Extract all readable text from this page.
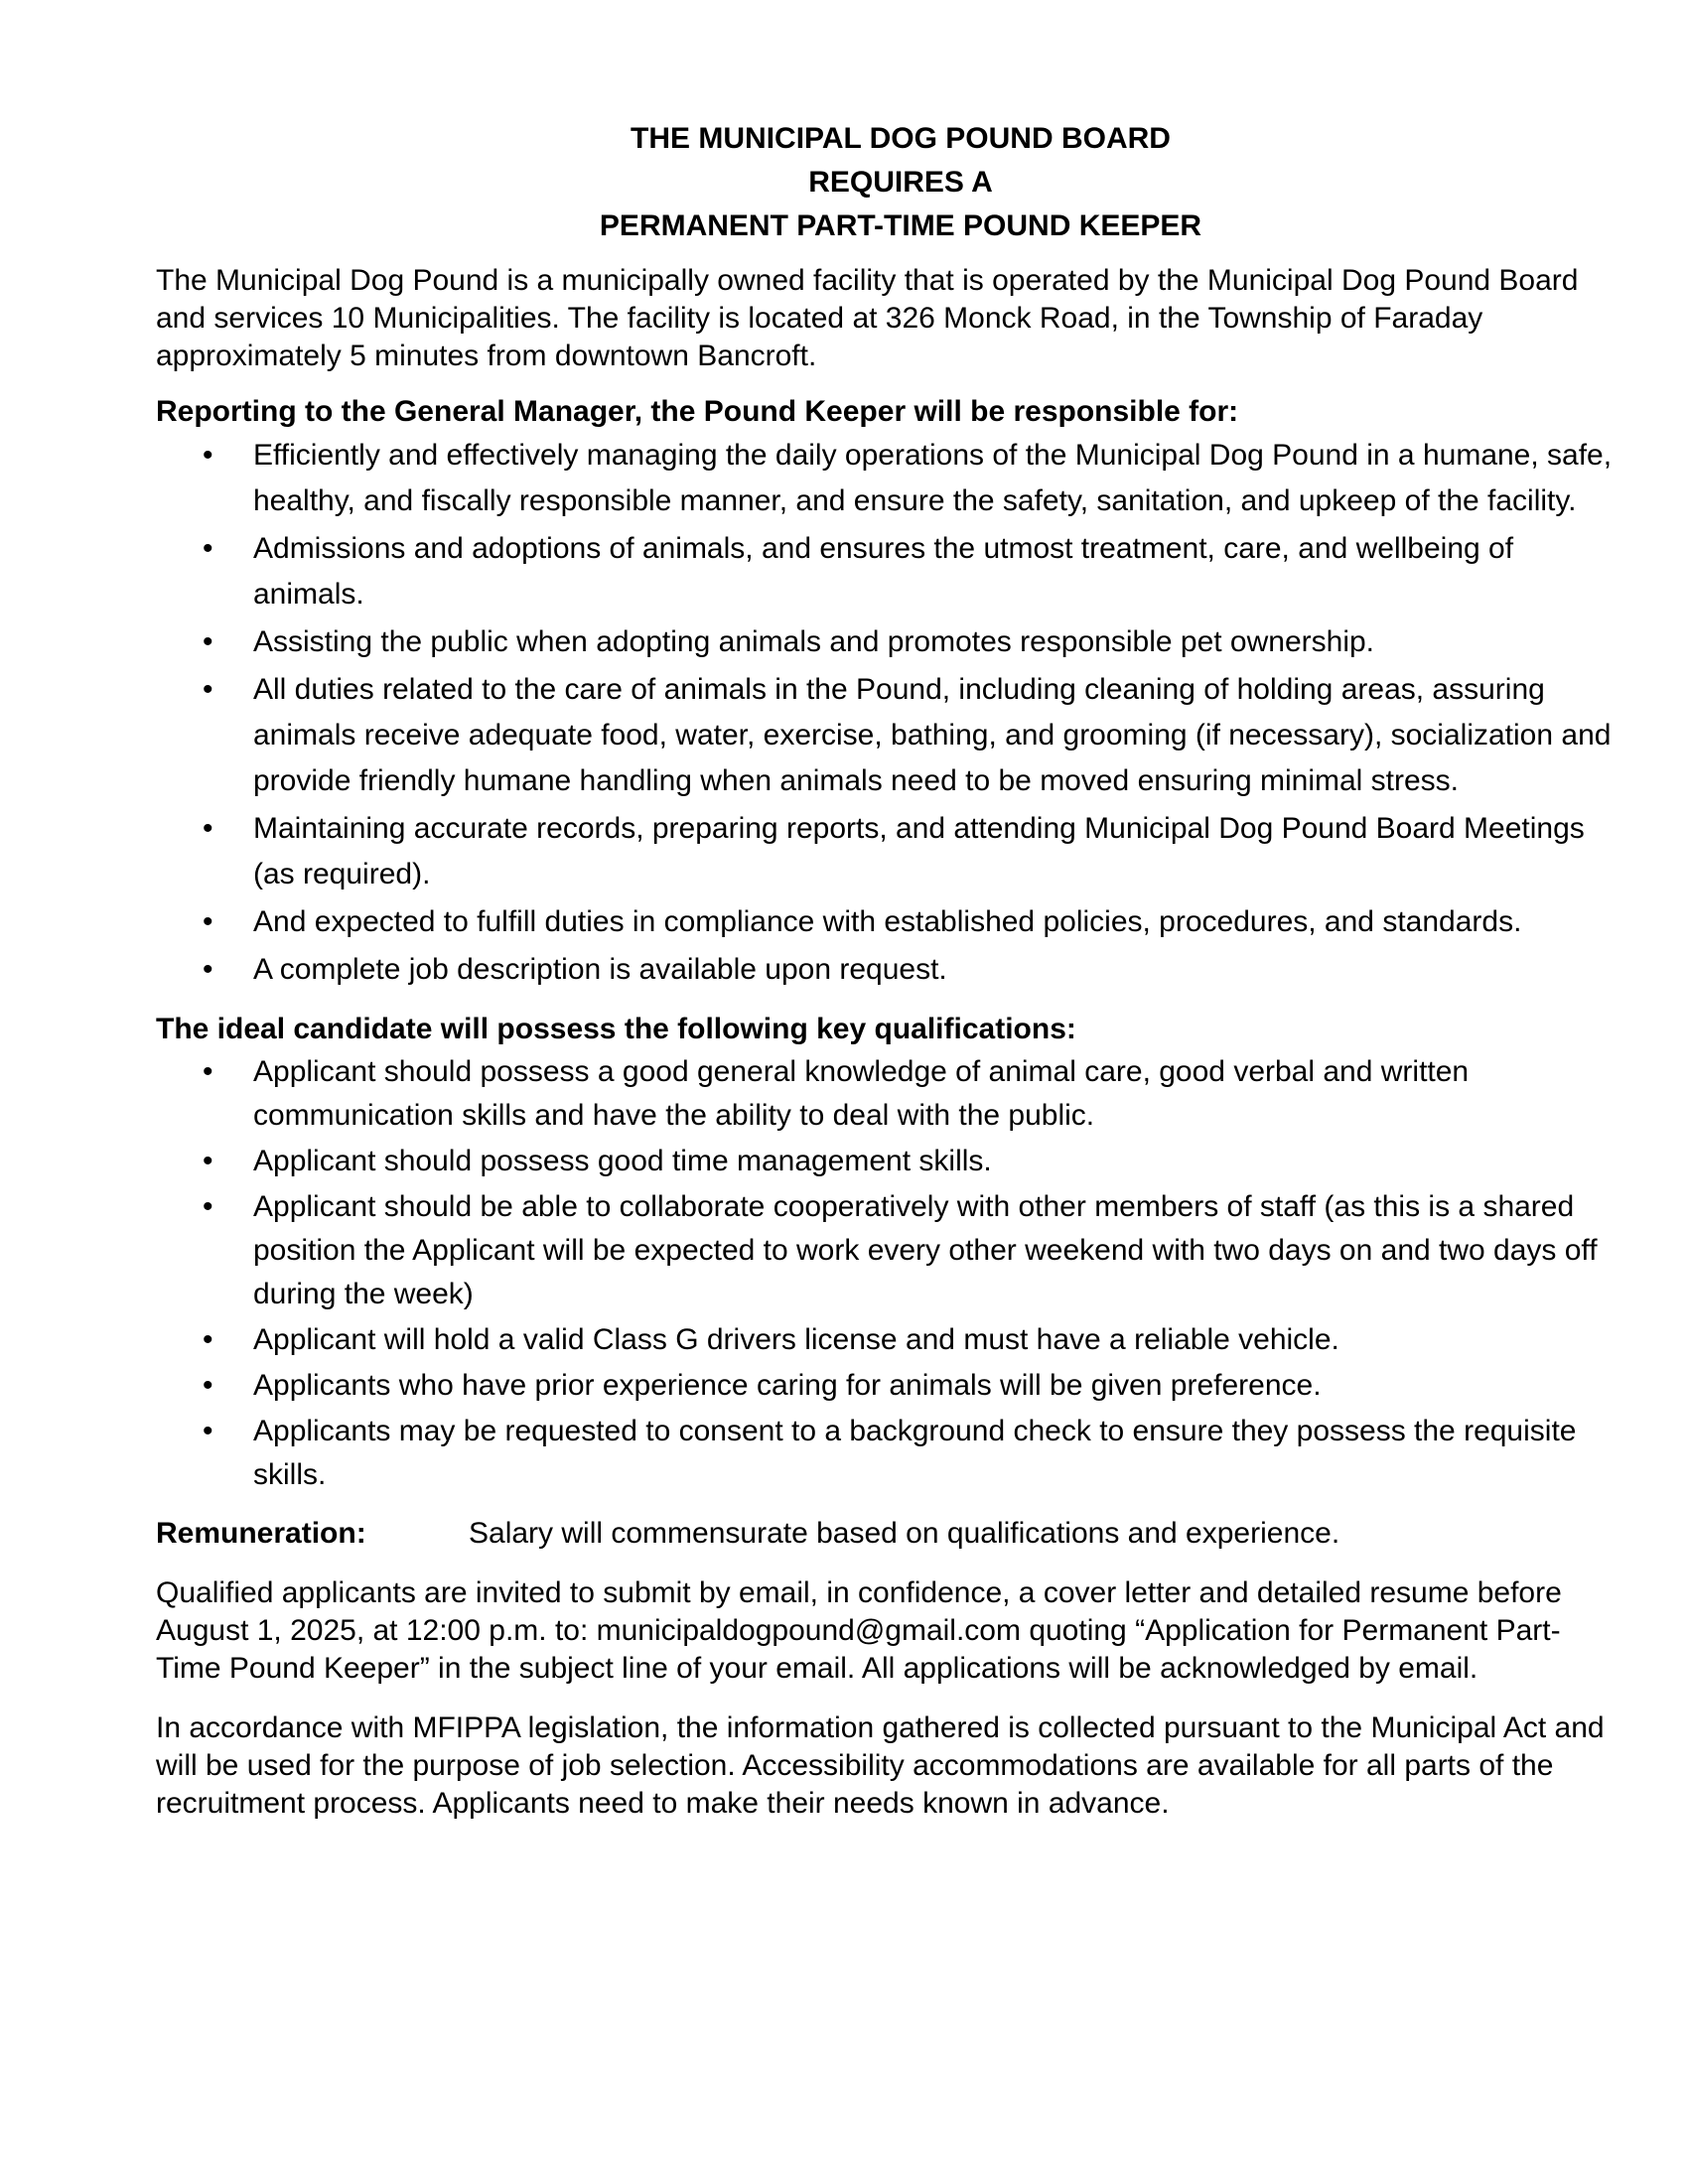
THE MUNICIPAL DOG POUND BOARD
REQUIRES A
PERMANENT PART-TIME POUND KEEPER

The Municipal Dog Pound is a municipally owned facility that is operated by the Municipal Dog Pound Board and services 10 Municipalities. The facility is located at 326 Monck Road, in the Township of Faraday approximately 5 minutes from downtown Bancroft.

Reporting to the General Manager, the Pound Keeper will be responsible for:
• Efficiently and effectively managing the daily operations of the Municipal Dog Pound in a humane, safe, healthy, and fiscally responsible manner, and ensure the safety, sanitation, and upkeep of the facility.
• Admissions and adoptions of animals, and ensures the utmost treatment, care, and wellbeing of animals.
• Assisting the public when adopting animals and promotes responsible pet ownership.
• All duties related to the care of animals in the Pound, including cleaning of holding areas, assuring animals receive adequate food, water, exercise, bathing, and grooming (if necessary), socialization and provide friendly humane handling when animals need to be moved ensuring minimal stress.
• Maintaining accurate records, preparing reports, and attending Municipal Dog Pound Board Meetings (as required).
• And expected to fulfill duties in compliance with established policies, procedures, and standards.
• A complete job description is available upon request.
The ideal candidate will possess the following key qualifications:
• Applicant should possess a good general knowledge of animal care, good verbal and written communication skills and have the ability to deal with the public.
• Applicant should possess good time management skills.
• Applicant should be able to collaborate cooperatively with other members of staff (as this is a shared position the Applicant will be expected to work every other weekend with two days on and two days off during the week)
• Applicant will hold a valid Class G drivers license and must have a reliable vehicle.
• Applicants who have prior experience caring for animals will be given preference.
• Applicants may be requested to consent to a background check to ensure they possess the requisite skills.
Remuneration:	Salary will commensurate based on qualifications and experience.

Qualified applicants are invited to submit by email, in confidence, a cover letter and detailed resume before August 1, 2025, at 12:00 p.m. to: municipaldogpound@gmail.com quoting “Application for Permanent Part-Time Pound Keeper” in the subject line of your email. All applications will be acknowledged by email.

In accordance with MFIPPA legislation, the information gathered is collected pursuant to the Municipal Act and will be used for the purpose of job selection. Accessibility accommodations are available for all parts of the recruitment process. Applicants need to make their needs known in advance.
